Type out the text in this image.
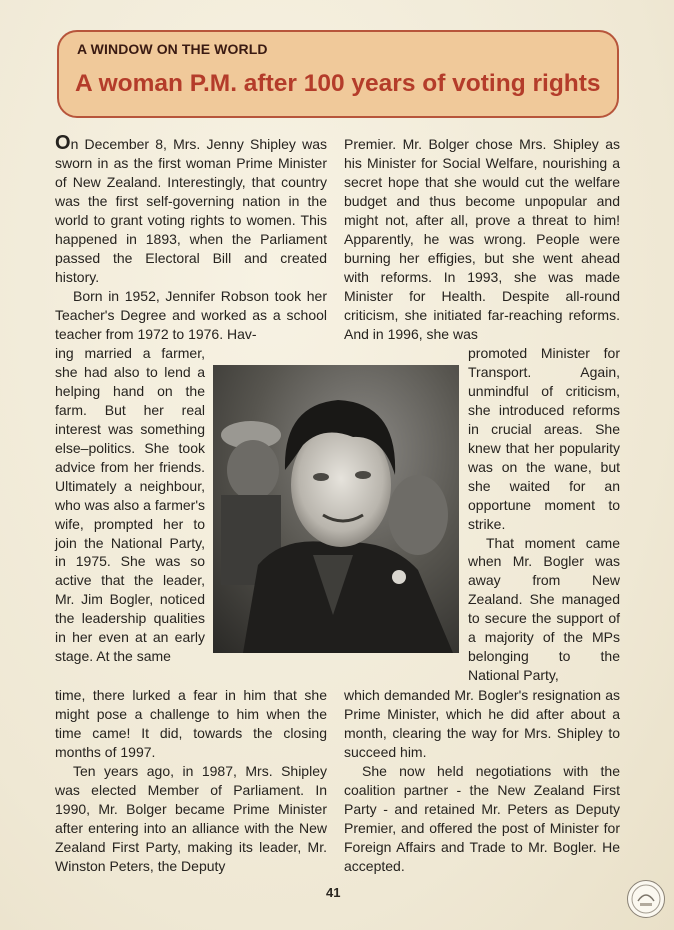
A WINDOW ON THE WORLD
A woman P.M. after 100 years of voting rights

On December 8, Mrs. Jenny Shipley was sworn in as the first woman Prime Minister of New Zealand. Interestingly, that country was the first self-governing nation in the world to grant voting rights to women. This happened in 1893, when the Parliament passed the Electoral Bill and created history.

Born in 1952, Jennifer Robson took her Teacher's Degree and worked as a school teacher from 1972 to 1976. Hav-

ing married a farmer, she had also to lend a helping hand on the farm. But her real interest was something else–politics. She took advice from her friends. Ultimately a neighbour, who was also a farmer's wife, prompted her to join the National Party, in 1975. She was so active that the leader, Mr. Jim Bogler, noticed the leadership qualities in her even at an early stage. At the same

time, there lurked a fear in him that she might pose a challenge to him when the time came! It did, towards the closing months of 1997.

Ten years ago, in 1987, Mrs. Shipley was elected Member of Parliament. In 1990, Mr. Bolger became Prime Minister after entering into an alliance with the New Zealand First Party, making its leader, Mr. Winston Peters, the Deputy

Premier. Mr. Bolger chose Mrs. Shipley as his Minister for Social Welfare, nourishing a secret hope that she would cut the welfare budget and thus become unpopular and might not, after all, prove a threat to him! Apparently, he was wrong. People were burning her effigies, but she went ahead with reforms. In 1993, she was made Minister for Health. Despite all-round criticism, she initiated far-reaching reforms. And in 1996, she was

promoted Minister for Transport. Again, unmindful of criticism, she introduced reforms in crucial areas. She knew that her popularity was on the wane, but she waited for an opportune moment to strike.

That moment came when Mr. Bogler was away from New Zealand. She managed to secure the support of a majority of the MPs belonging to the National Party,

which demanded Mr. Bogler's resignation as Prime Minister, which he did after about a month, clearing the way for Mrs. Shipley to succeed him.

She now held negotiations with the coalition partner - the New Zealand First Party - and retained Mr. Peters as Deputy Premier, and offered the post of Minister for Foreign Affairs and Trade to Mr. Bogler. He accepted.

41
